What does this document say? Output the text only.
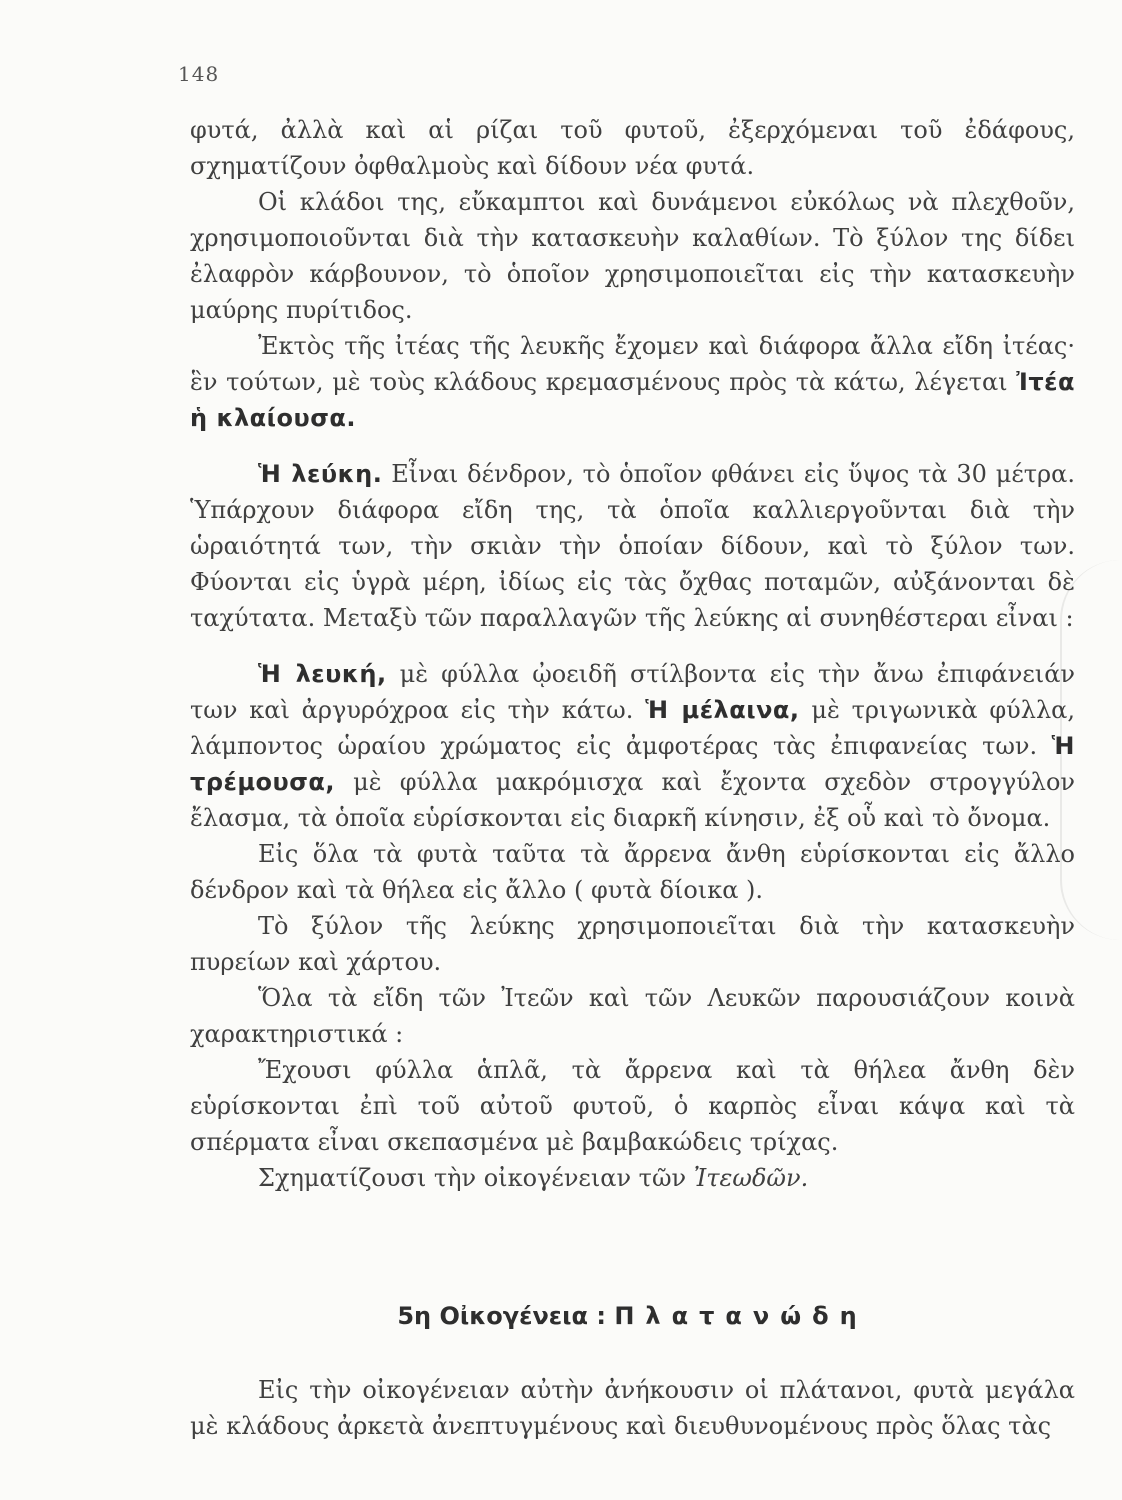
148

φυτά, ἀλλὰ καὶ αἱ ρίζαι τοῦ φυτοῦ, ἐξερχόμεναι τοῦ ἐδάφους, σχηματίζουν ὀφθαλμοὺς καὶ δίδουν νέα φυτά.

Οἱ κλάδοι της, εὔκαμπτοι καὶ δυνάμενοι εὐκόλως νὰ πλεχθοῦν, χρησιμοποιοῦνται διὰ τὴν κατασκευὴν καλαθίων. Τὸ ξύλον της δίδει ἐλαφρὸν κάρβουνον, τὸ ὁποῖον χρησιμοποιεῖται εἰς τὴν κατασκευὴν μαύρης πυρίτιδος.

Ἐκτὸς τῆς ἰτέας τῆς λευκῆς ἔχομεν καὶ διάφορα ἄλλα εἴδη ἰτέας· ἓν τούτων, μὲ τοὺς κλάδους κρεμασμένους πρὸς τὰ κάτω, λέγεται Ἰτέα ἡ κλαίουσα.

Ἡ λεύκη. Εἶναι δένδρον, τὸ ὁποῖον φθάνει εἰς ὕψος τὰ 30 μέτρα. Ὑπάρχουν διάφορα εἴδη της, τὰ ὁποῖα καλλιεργοῦνται διὰ τὴν ὡραιότητά των, τὴν σκιὰν τὴν ὁποίαν δίδουν, καὶ τὸ ξύλον των. Φύονται εἰς ὑγρὰ μέρη, ἰδίως εἰς τὰς ὄχθας ποταμῶν, αὐξάνονται δὲ ταχύτατα. Μεταξὺ τῶν παραλλαγῶν τῆς λεύκης αἱ συνηθέστεραι εἶναι :

Ἡ λευκή, μὲ φύλλα ᾠοειδῆ στίλβοντα εἰς τὴν ἄνω ἐπιφάνειάν των καὶ ἀργυρόχροα εἰς τὴν κάτω. Ἡ μέλαινα, μὲ τριγωνικὰ φύλλα, λάμποντος ὡραίου χρώματος εἰς ἀμφοτέρας τὰς ἐπιφανείας των. Ἡ τρέμουσα, μὲ φύλλα μακρόμισχα καὶ ἔχοντα σχεδὸν στρογγύλον ἔλασμα, τὰ ὁποῖα εὑρίσκονται εἰς διαρκῆ κίνησιν, ἐξ οὗ καὶ τὸ ὄνομα.

Εἰς ὅλα τὰ φυτὰ ταῦτα τὰ ἄρρενα ἄνθη εὑρίσκονται εἰς ἄλλο δένδρον καὶ τὰ θήλεα εἰς ἄλλο ( φυτὰ δίοικα ).

Τὸ ξύλον τῆς λεύκης χρησιμοποιεῖται διὰ τὴν κατασκευὴν πυρείων καὶ χάρτου.

Ὅλα τὰ εἴδη τῶν Ἰτεῶν καὶ τῶν Λευκῶν παρουσιάζουν κοινὰ χαρακτηριστικά :

Ἔχουσι φύλλα ἁπλᾶ, τὰ ἄρρενα καὶ τὰ θήλεα ἄνθη δὲν εὑρίσκονται ἐπὶ τοῦ αὐτοῦ φυτοῦ, ὁ καρπὸς εἶναι κάψα καὶ τὰ σπέρματα εἶναι σκεπασμένα μὲ βαμβακώδεις τρίχας.

Σχηματίζουσι τὴν οἰκογένειαν τῶν Ἰτεωδῶν.

5η Οἰκογένεια : Πλατανώδη

Εἰς τὴν οἰκογένειαν αὐτὴν ἀνήκουσιν οἱ πλάτανοι, φυτὰ μεγάλα μὲ κλάδους ἀρκετὰ ἀνεπτυγμένους καὶ διευθυνομένους πρὸς ὅλας τὰς
